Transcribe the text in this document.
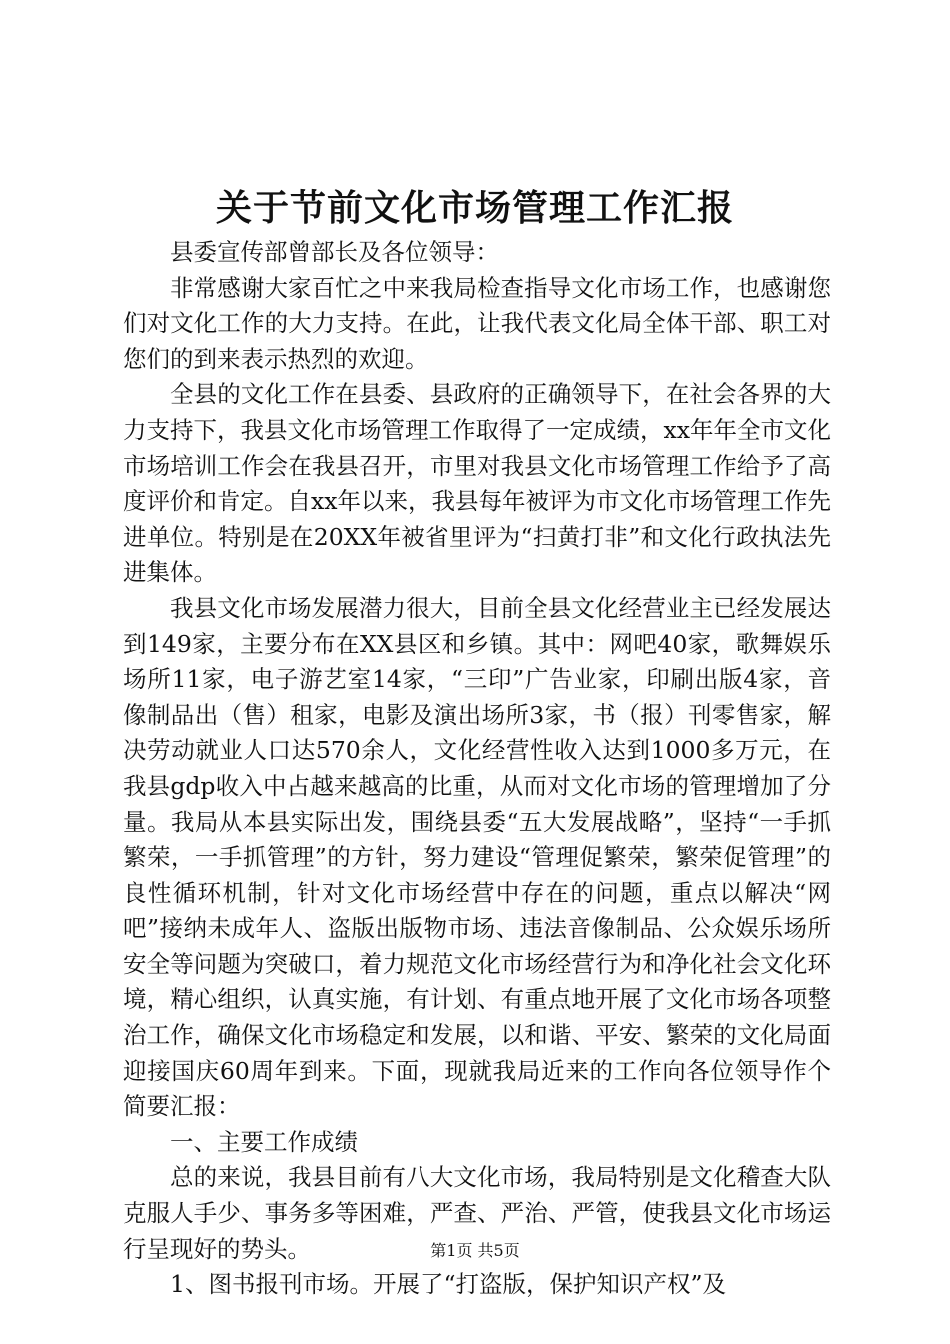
关于节前文化市场管理工作汇报

县委宣传部曾部长及各位领导：

非常感谢大家百忙之中来我局检查指导文化市场工作，也感谢您们对文化工作的大力支持。在此，让我代表文化局全体干部、职工对您们的到来表示热烈的欢迎。

全县的文化工作在县委、县政府的正确领导下，在社会各界的大力支持下，我县文化市场管理工作取得了一定成绩，xx年年全市文化市场培训工作会在我县召开，市里对我县文化市场管理工作给予了高度评价和肯定。自xx年以来，我县每年被评为市文化市场管理工作先进单位。特别是在20XX年被省里评为“扫黄打非”和文化行政执法先进集体。

我县文化市场发展潜力很大，目前全县文化经营业主已经发展达到149家，主要分布在XX县区和乡镇。其中：网吧40家，歌舞娱乐场所11家，电子游艺室14家，“三印”广告业家，印刷出版4家，音像制品出（售）租家，电影及演出场所3家，书（报）刊零售家，解决劳动就业人口达570余人，文化经营性收入达到1000多万元，在我县gdp收入中占越来越高的比重，从而对文化市场的管理增加了分量。我局从本县实际出发，围绕县委“五大发展战略”，坚持“一手抓繁荣，一手抓管理”的方针，努力建设“管理促繁荣，繁荣促管理”的良性循环机制，针对文化市场经营中存在的问题，重点以解决“网吧”接纳未成年人、盗版出版物市场、违法音像制品、公众娱乐场所安全等问题为突破口，着力规范文化市场经营行为和净化社会文化环境，精心组织，认真实施，有计划、有重点地开展了文化市场各项整治工作，确保文化市场稳定和发展，以和谐、平安、繁荣的文化局面迎接国庆60周年到来。下面，现就我局近来的工作向各位领导作个简要汇报：

一、主要工作成绩

总的来说，我县目前有八大文化市场，我局特别是文化稽查大队克服人手少、事务多等困难，严查、严治、严管，使我县文化市场运行呈现好的势头。

1、图书报刊市场。开展了“打盗版，保护知识产权”及

第1页 共5页
